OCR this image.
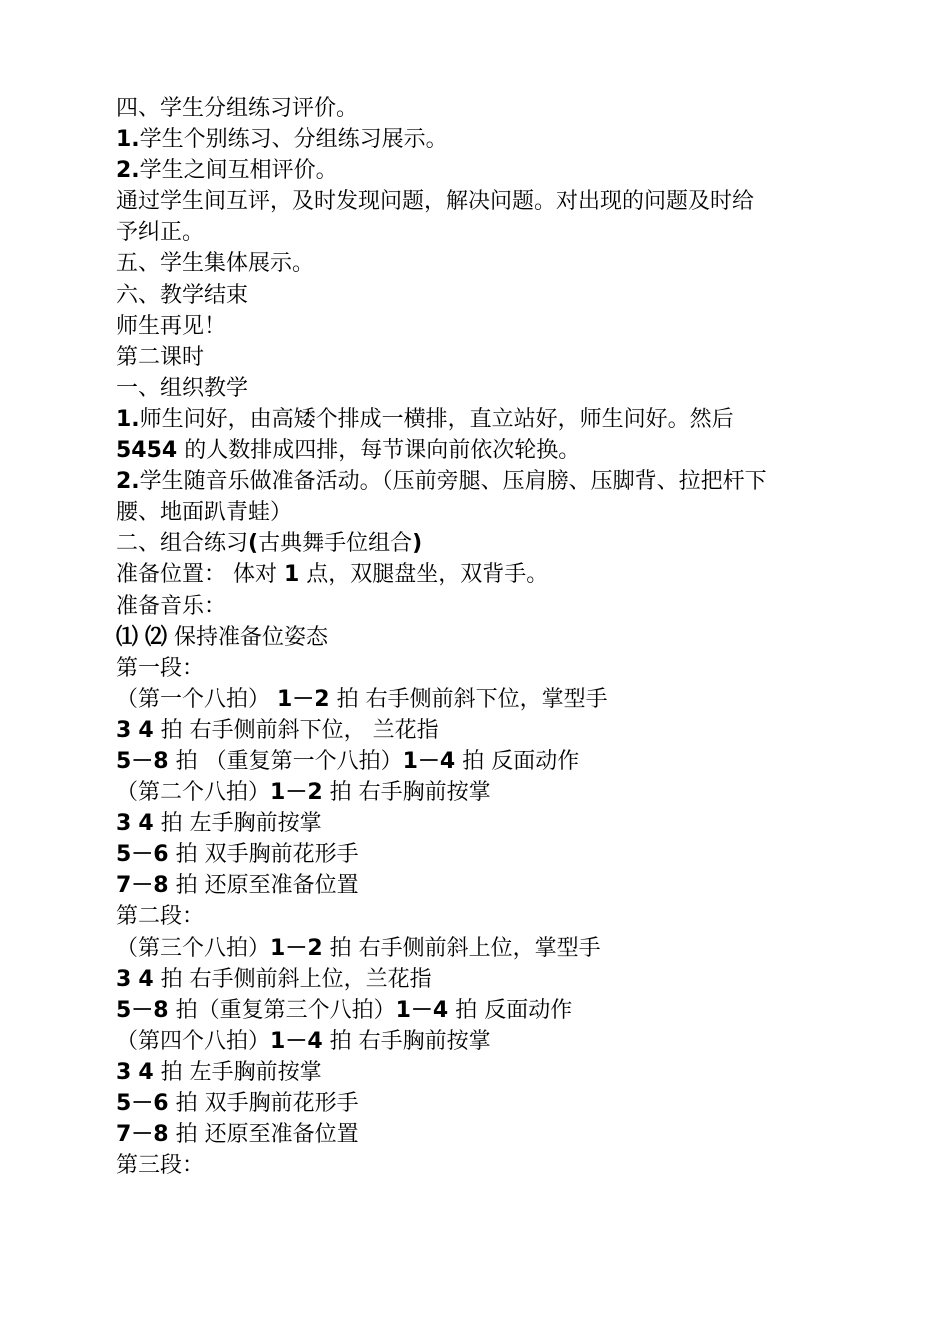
四、学生分组练习评价。
1.学生个别练习、分组练习展示。
2.学生之间互相评价。
通过学生间互评，及时发现问题，解决问题。对出现的问题及时给
予纠正。
五、学生集体展示。
六、教学结束
师生再见！
第二课时
一、组织教学
1.师生问好，由高矮个排成一横排，直立站好，师生问好。然后
5454 的人数排成四排，每节课向前依次轮换。
2.学生随音乐做准备活动。（压前旁腿、压肩膀、压脚背、拉把杆下
腰、地面趴青蛙）
二、组合练习(古典舞手位组合)
准备位置： 体对 1 点，双腿盘坐，双背手。
准备音乐：
⑴ ⑵ 保持准备位姿态
第一段：
（第一个八拍） 1－2 拍 右手侧前斜下位，掌型手
3 4 拍 右手侧前斜下位， 兰花指
5－8 拍 （重复第一个八拍）1－4 拍 反面动作
（第二个八拍）1－2 拍 右手胸前按掌
3 4 拍 左手胸前按掌
5－6 拍 双手胸前花形手
7－8 拍 还原至准备位置
第二段：
（第三个八拍）1－2 拍 右手侧前斜上位，掌型手
3 4 拍 右手侧前斜上位，兰花指
5－8 拍（重复第三个八拍）1－4 拍 反面动作
（第四个八拍）1－4 拍 右手胸前按掌
3 4 拍 左手胸前按掌
5－6 拍 双手胸前花形手
7－8 拍 还原至准备位置
第三段：
